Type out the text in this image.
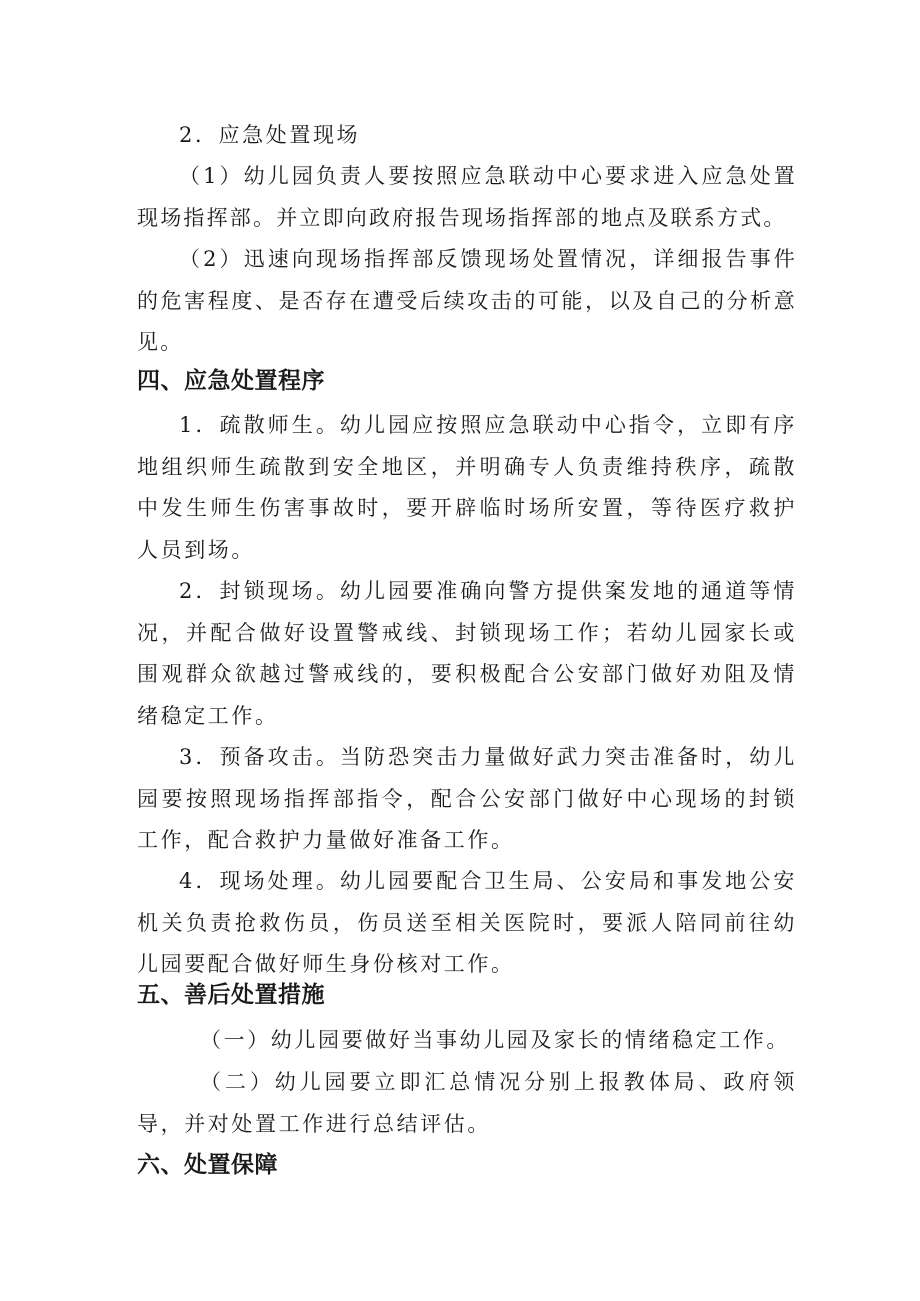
2．应急处置现场

（1）幼儿园负责人要按照应急联动中心要求进入应急处置现场指挥部。并立即向政府报告现场指挥部的地点及联系方式。

（2）迅速向现场指挥部反馈现场处置情况，详细报告事件的危害程度、是否存在遭受后续攻击的可能，以及自己的分析意见。

四、应急处置程序

1．疏散师生。幼儿园应按照应急联动中心指令，立即有序地组织师生疏散到安全地区，并明确专人负责维持秩序，疏散中发生师生伤害事故时，要开辟临时场所安置，等待医疗救护人员到场。

2．封锁现场。幼儿园要准确向警方提供案发地的通道等情况，并配合做好设置警戒线、封锁现场工作；若幼儿园家长或围观群众欲越过警戒线的，要积极配合公安部门做好劝阻及情绪稳定工作。

3．预备攻击。当防恐突击力量做好武力突击准备时，幼儿园要按照现场指挥部指令，配合公安部门做好中心现场的封锁工作，配合救护力量做好准备工作。

4．现场处理。幼儿园要配合卫生局、公安局和事发地公安机关负责抢救伤员，伤员送至相关医院时，要派人陪同前往幼儿园要配合做好师生身份核对工作。

五、善后处置措施

（一）幼儿园要做好当事幼儿园及家长的情绪稳定工作。

（二）幼儿园要立即汇总情况分别上报教体局、政府领导，并对处置工作进行总结评估。

六、处置保障
